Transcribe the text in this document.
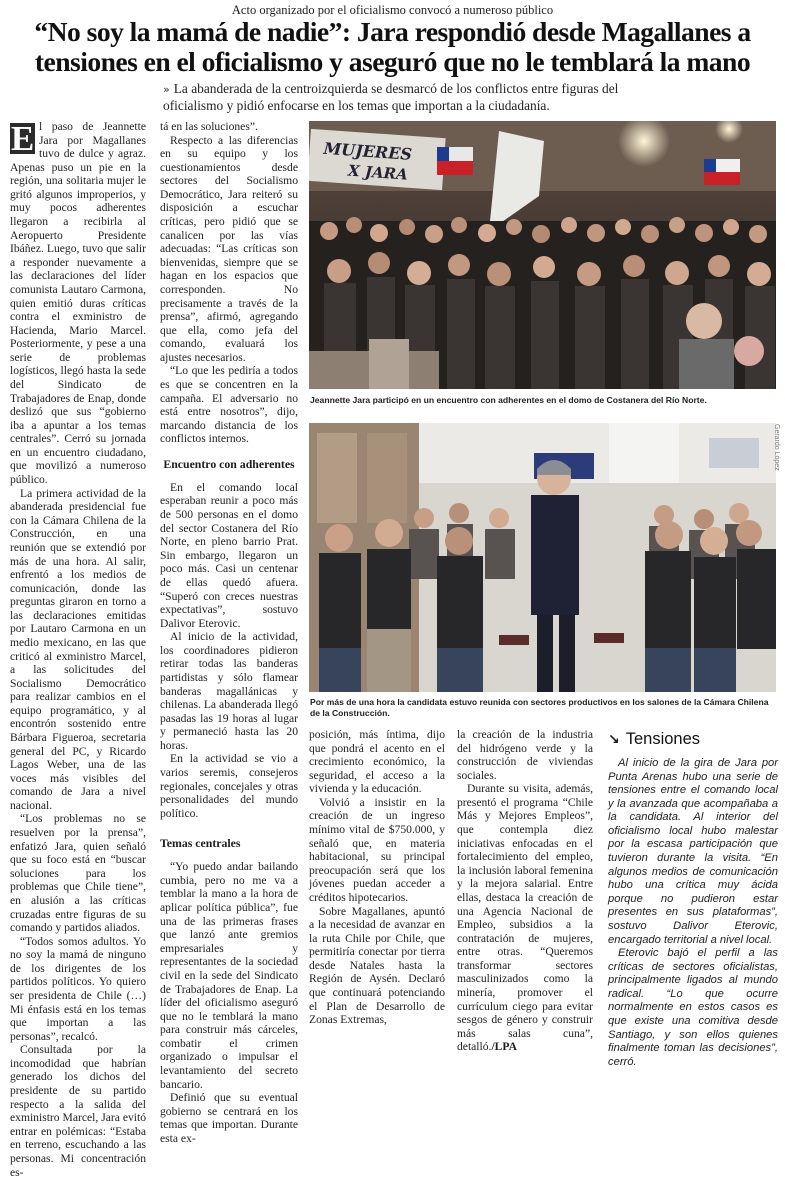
Acto organizado por el oficialismo convocó a numeroso público
“No soy la mamá de nadie”: Jara respondió desde Magallanes a tensiones en el oficialismo y aseguró que no le temblará la mano
» La abanderada de la centroizquierda se desmarcó de los conflictos entre figuras del oficialismo y pidió enfocarse en los temas que importan a la ciudadanía.

E l paso de Jeannette Jara por Magallanes tuvo de dulce y agraz. Apenas puso un pie en la región, una solitaria mujer le gritó algunos improperios, y muy pocos adherentes llegaron a recibirla al Aeropuerto Presidente Ibáñez. Luego, tuvo que salir a responder nuevamente a las declaraciones del líder comunista Lautaro Carmona, quien emitió duras críticas contra el exministro de Hacienda, Mario Marcel. Posteriormente, y pese a una serie de problemas logísticos, llegó hasta la sede del Sindicato de Trabajadores de Enap, donde deslizó que sus “gobierno iba a apuntar a los temas centrales”. Cerró su jornada en un encuentro ciudadano, que movilizó a numeroso público.

La primera actividad de la abanderada presidencial fue con la Cámara Chilena de la Construcción, en una reunión que se extendió por más de una hora. Al salir, enfrentó a los medios de comunicación, donde las preguntas giraron en torno a las declaraciones emitidas por Lautaro Carmona en un medio mexicano, en las que criticó al exministro Marcel, a las solicitudes del Socialismo Democrático para realizar cambios en el equipo programático, y al encontrón sostenido entre Bárbara Figueroa, secretaria general del PC, y Ricardo Lagos Weber, una de las voces más visibles del comando de Jara a nivel nacional.

“Los problemas no se resuelven por la prensa”, enfatizó Jara, quien señaló que su foco está en “buscar soluciones para los problemas que Chile tiene”, en alusión a las críticas cruzadas entre figuras de su comando y partidos aliados.

“Todos somos adultos. Yo no soy la mamá de ninguno de los dirigentes de los partidos políticos. Yo quiero ser presidenta de Chile (…) Mi énfasis está en los temas que importan a las personas”, recalcó.

Consultada por la incomodidad que habrían generado los dichos del presidente de su partido respecto a la salida del exministro Marcel, Jara evitó entrar en polémicas: “Estaba en terreno, escuchando a las personas. Mi concentración es-

tá en las soluciones”.

Respecto a las diferencias en su equipo y los cuestionamientos desde sectores del Socialismo Democrático, Jara reiteró su disposición a escuchar críticas, pero pidió que se canalicen por las vías adecuadas: “Las críticas son bienvenidas, siempre que se hagan en los espacios que corresponden. No precisamente a través de la prensa”, afirmó, agregando que ella, como jefa del comando, evaluará los ajustes necesarios.

“Lo que les pediría a todos es que se concentren en la campaña. El adversario no está entre nosotros”, dijo, marcando distancia de los conflictos internos.

Encuentro con adherentes

En el comando local esperaban reunir a poco más de 500 personas en el domo del sector Costanera del Río Norte, en pleno barrio Prat. Sin embargo, llegaron un poco más. Casi un centenar de ellas quedó afuera. “Superó con creces nuestras expectativas”, sostuvo Dalivor Eterovic.

Al inicio de la actividad, los coordinadores pidieron retirar todas las banderas partidistas y sólo flamear banderas magallánicas y chilenas. La abanderada llegó pasadas las 19 horas al lugar y permaneció hasta las 20 horas.

En la actividad se vio a varios seremis, consejeros regionales, concejales y otras personalidades del mundo político.

Temas centrales

“Yo puedo andar bailando cumbia, pero no me va a temblar la mano a la hora de aplicar política pública”, fue una de las primeras frases que lanzó ante gremios empresariales y representantes de la sociedad civil en la sede del Sindicato de Trabajadores de Enap. La líder del oficialismo aseguró que no le temblará la mano para construir más cárceles, combatir el crimen organizado o impulsar el levantamiento del secreto bancario.

Definió que su eventual gobierno se centrará en los temas que importan. Durante esta ex-

MUJERES
X JARA
Jeannette Jara participó en un encuentro con adherentes en el domo de Costanera del Río Norte.
Gerardo López
Por más de una hora la candidata estuvo reunida con sectores productivos en los salones de la Cámara Chilena de la Construcción.

posición, más íntima, dijo que pondrá el acento en el crecimiento económico, la seguridad, el acceso a la vivienda y la educación.

Volvió a insistir en la creación de un ingreso mínimo vital de $750.000, y señaló que, en materia habitacional, su principal preocupación será que los jóvenes puedan acceder a créditos hipotecarios.

Sobre Magallanes, apuntó a la necesidad de avanzar en la ruta Chile por Chile, que permitiría conectar por tierra desde Natales hasta la Región de Aysén. Declaró que continuará potenciando el Plan de Desarrollo de Zonas Extremas,

la creación de la industria del hidrógeno verde y la construcción de viviendas sociales.

Durante su visita, además, presentó el programa “Chile Más y Mejores Empleos”, que contempla diez iniciativas enfocadas en el fortalecimiento del empleo, la inclusión laboral femenina y la mejora salarial. Entre ellas, destaca la creación de una Agencia Nacional de Empleo, subsidios a la contratación de mujeres, entre otras. “Queremos transformar sectores masculinizados como la minería, promover el currículum ciego para evitar sesgos de género y construir más salas cuna”, detalló./LPA

↘ Tensiones

Al inicio de la gira de Jara por Punta Arenas hubo una serie de tensiones entre el comando local y la avanzada que acompañaba a la candidata. Al interior del oficialismo local hubo malestar por la escasa participación que tuvieron durante la visita. “En algunos medios de comunicación hubo una crítica muy ácida porque no pudieron estar presentes en sus plataformas”, sostuvo Dalivor Eterovic, encargado territorial a nivel local.

Eterovic bajó el perfil a las críticas de sectores oficialistas, principalmente ligados al mundo radical. “Lo que ocurre normalmente en estos casos es que existe una comitiva desde Santiago, y son ellos quienes finalmente toman las decisiones”, cerró.
